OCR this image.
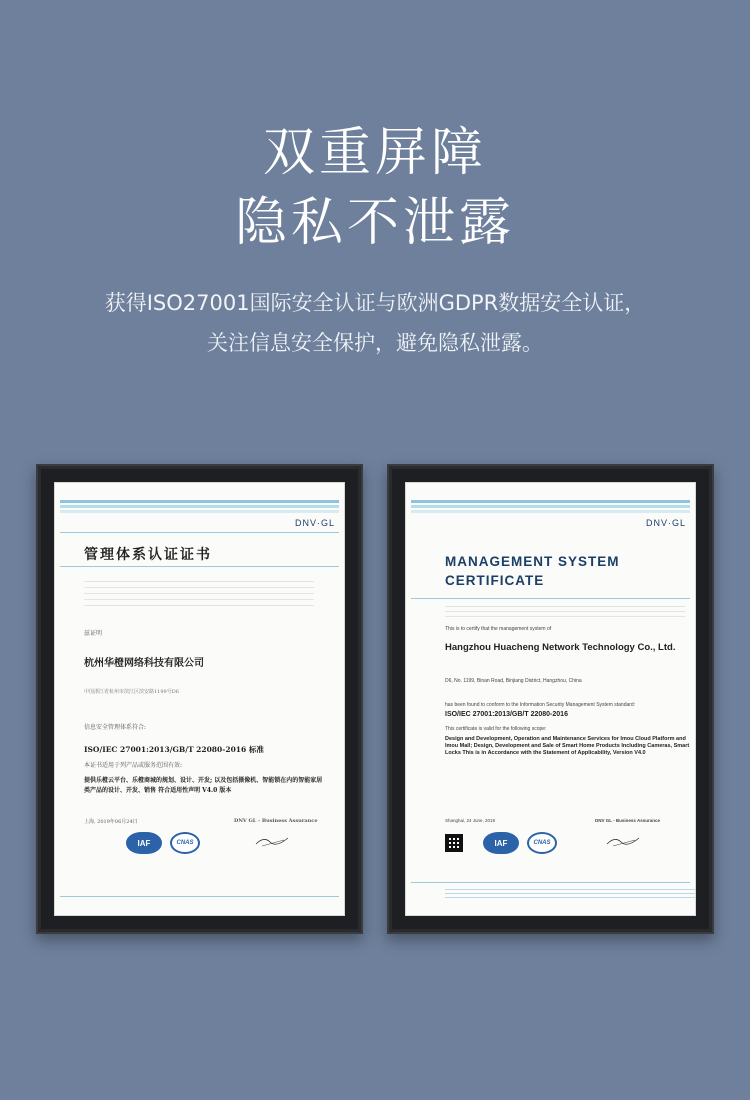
双重屏障
隐私不泄露
获得ISO27001国际安全认证与欧洲GDPR数据安全认证，
关注信息安全保护，避免隐私泄露。
DNV·GL
管理体系认证证书
兹证明
杭州华橙网络科技有限公司
中国浙江省杭州市滨江区滨安路1199号D6
信息安全管理体系符合:
ISO/IEC 27001:2013/GB/T 22080-2016 标准
本证书适用于列产品或服务范围有效:
提供乐橙云平台、乐橙商城的规划、设计、开发; 以及包括摄像机、智能锁在内的智能家居类产品的设计、开发、销售 符合适用性声明 V4.0 版本
上海, 2019年06月24日	DNV GL - Business Assurance
IAF	CNAS
DNV·GL
MANAGEMENT SYSTEM
CERTIFICATE
This is to certify that the management system of
Hangzhou Huacheng Network Technology Co., Ltd.
D6, No. 1199, Binan Road, Binjiang District, Hangzhou, China
has been found to conform to the Information Security Management System standard:
ISO/IEC 27001:2013/GB/T 22080-2016
This certificate is valid for the following scope:
Design and Development, Operation and Maintenance Services for Imou Cloud Platform and Imou Mall; Design, Development and Sale of Smart Home Products Including Cameras, Smart Locks This is in Accordance with the Statement of Applicability, Version V4.0
Shanghai, 24 June, 2019	DNV GL - Business Assurance
IAF	CNAS
